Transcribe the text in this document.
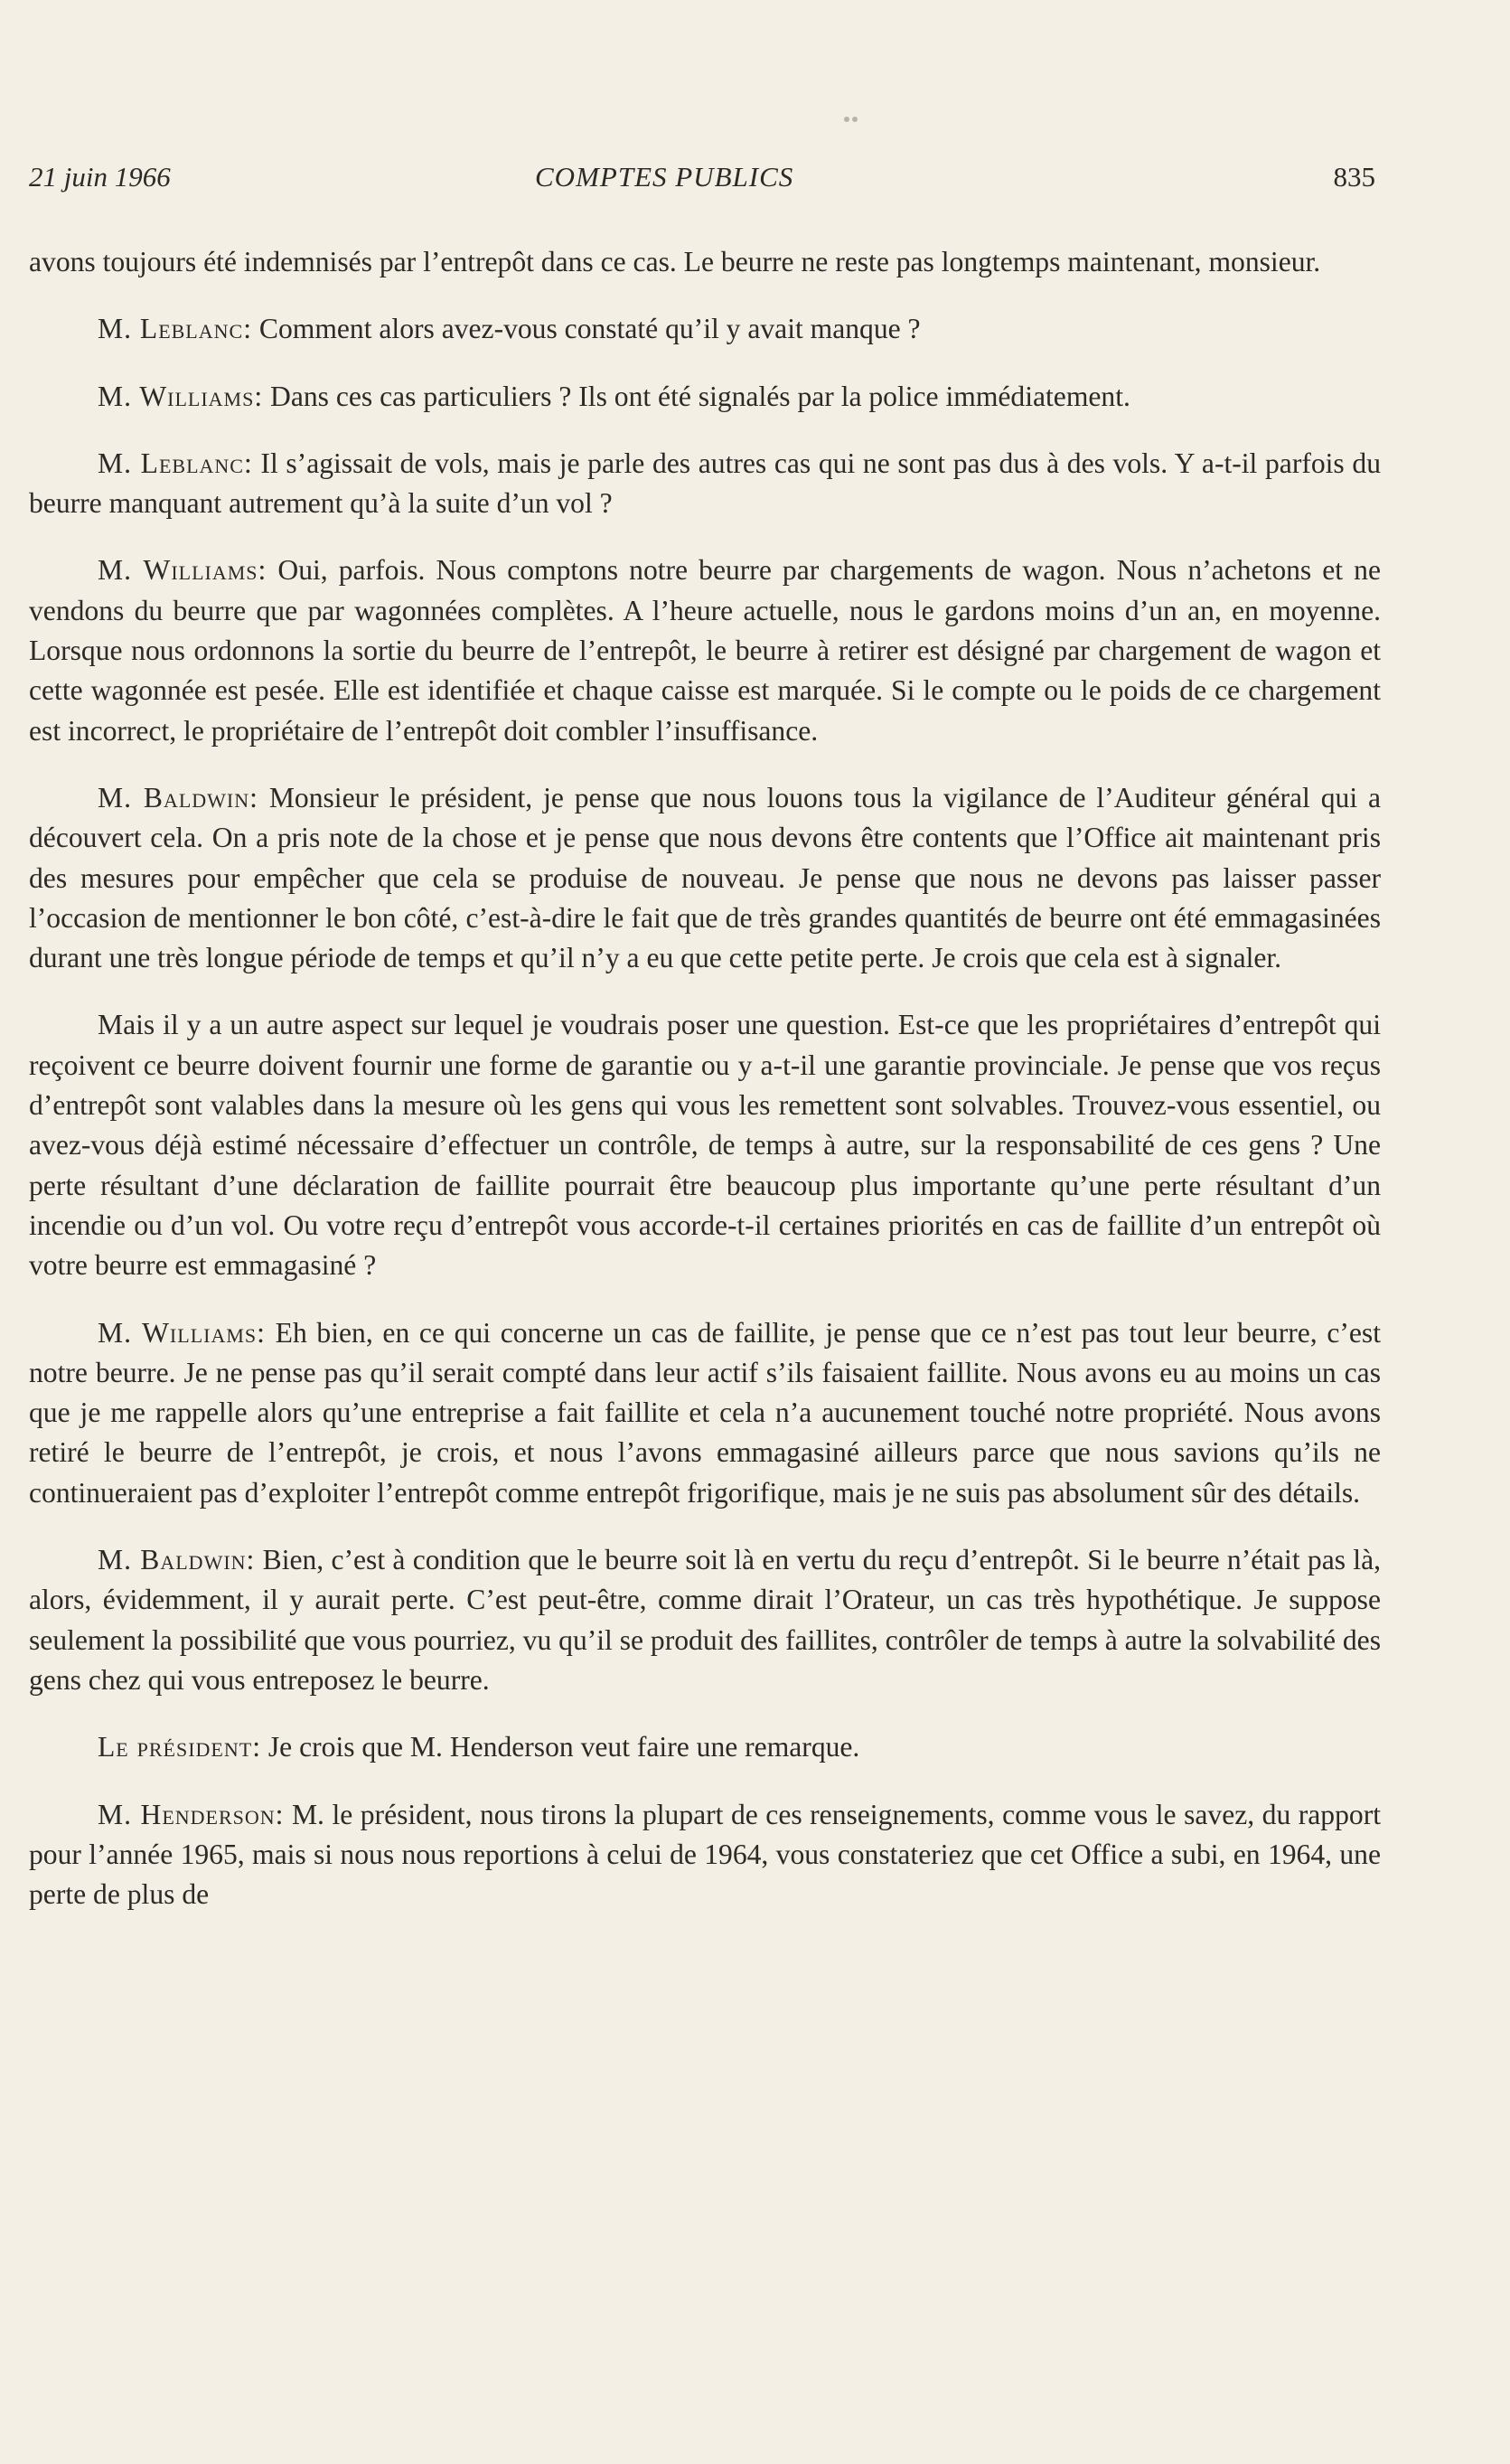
21 juin 1966	COMPTES PUBLICS	835

avons toujours été indemnisés par l’entrepôt dans ce cas. Le beurre ne reste pas longtemps maintenant, monsieur.

M. Leblanc: Comment alors avez-vous constaté qu’il y avait manque ?

M. Williams: Dans ces cas particuliers ? Ils ont été signalés par la police immédiatement.

M. Leblanc: Il s’agissait de vols, mais je parle des autres cas qui ne sont pas dus à des vols. Y a-t-il parfois du beurre manquant autrement qu’à la suite d’un vol ?

M. Williams: Oui, parfois. Nous comptons notre beurre par chargements de wagon. Nous n’achetons et ne vendons du beurre que par wagonnées complètes. A l’heure actuelle, nous le gardons moins d’un an, en moyenne. Lorsque nous ordonnons la sortie du beurre de l’entrepôt, le beurre à retirer est désigné par chargement de wagon et cette wagonnée est pesée. Elle est identifiée et chaque caisse est marquée. Si le compte ou le poids de ce chargement est incorrect, le propriétaire de l’entrepôt doit combler l’insuffisance.

M. Baldwin: Monsieur le président, je pense que nous louons tous la vigilance de l’Auditeur général qui a découvert cela. On a pris note de la chose et je pense que nous devons être contents que l’Office ait maintenant pris des mesures pour empêcher que cela se produise de nouveau. Je pense que nous ne devons pas laisser passer l’occasion de mentionner le bon côté, c’est-à-dire le fait que de très grandes quantités de beurre ont été emmagasinées durant une très longue période de temps et qu’il n’y a eu que cette petite perte. Je crois que cela est à signaler.

Mais il y a un autre aspect sur lequel je voudrais poser une question. Est-ce que les propriétaires d’entrepôt qui reçoivent ce beurre doivent fournir une forme de garantie ou y a-t-il une garantie provinciale. Je pense que vos reçus d’entrepôt sont valables dans la mesure où les gens qui vous les remettent sont solvables. Trouvez-vous essentiel, ou avez-vous déjà estimé nécessaire d’effectuer un contrôle, de temps à autre, sur la responsabilité de ces gens ? Une perte résultant d’une déclaration de faillite pourrait être beaucoup plus importante qu’une perte résultant d’un incendie ou d’un vol. Ou votre reçu d’entrepôt vous accorde-t-il certaines priorités en cas de faillite d’un entrepôt où votre beurre est emmagasiné ?

M. Williams: Eh bien, en ce qui concerne un cas de faillite, je pense que ce n’est pas tout leur beurre, c’est notre beurre. Je ne pense pas qu’il serait compté dans leur actif s’ils faisaient faillite. Nous avons eu au moins un cas que je me rappelle alors qu’une entreprise a fait faillite et cela n’a aucunement touché notre propriété. Nous avons retiré le beurre de l’entrepôt, je crois, et nous l’avons emmagasiné ailleurs parce que nous savions qu’ils ne continueraient pas d’exploiter l’entrepôt comme entrepôt frigorifique, mais je ne suis pas absolument sûr des détails.

M. Baldwin: Bien, c’est à condition que le beurre soit là en vertu du reçu d’entrepôt. Si le beurre n’était pas là, alors, évidemment, il y aurait perte. C’est peut-être, comme dirait l’Orateur, un cas très hypothétique. Je suppose seulement la possibilité que vous pourriez, vu qu’il se produit des faillites, contrôler de temps à autre la solvabilité des gens chez qui vous entreposez le beurre.

Le président: Je crois que M. Henderson veut faire une remarque.

M. Henderson: M. le président, nous tirons la plupart de ces renseignements, comme vous le savez, du rapport pour l’année 1965, mais si nous nous reportions à celui de 1964, vous constateriez que cet Office a subi, en 1964, une perte de plus de
